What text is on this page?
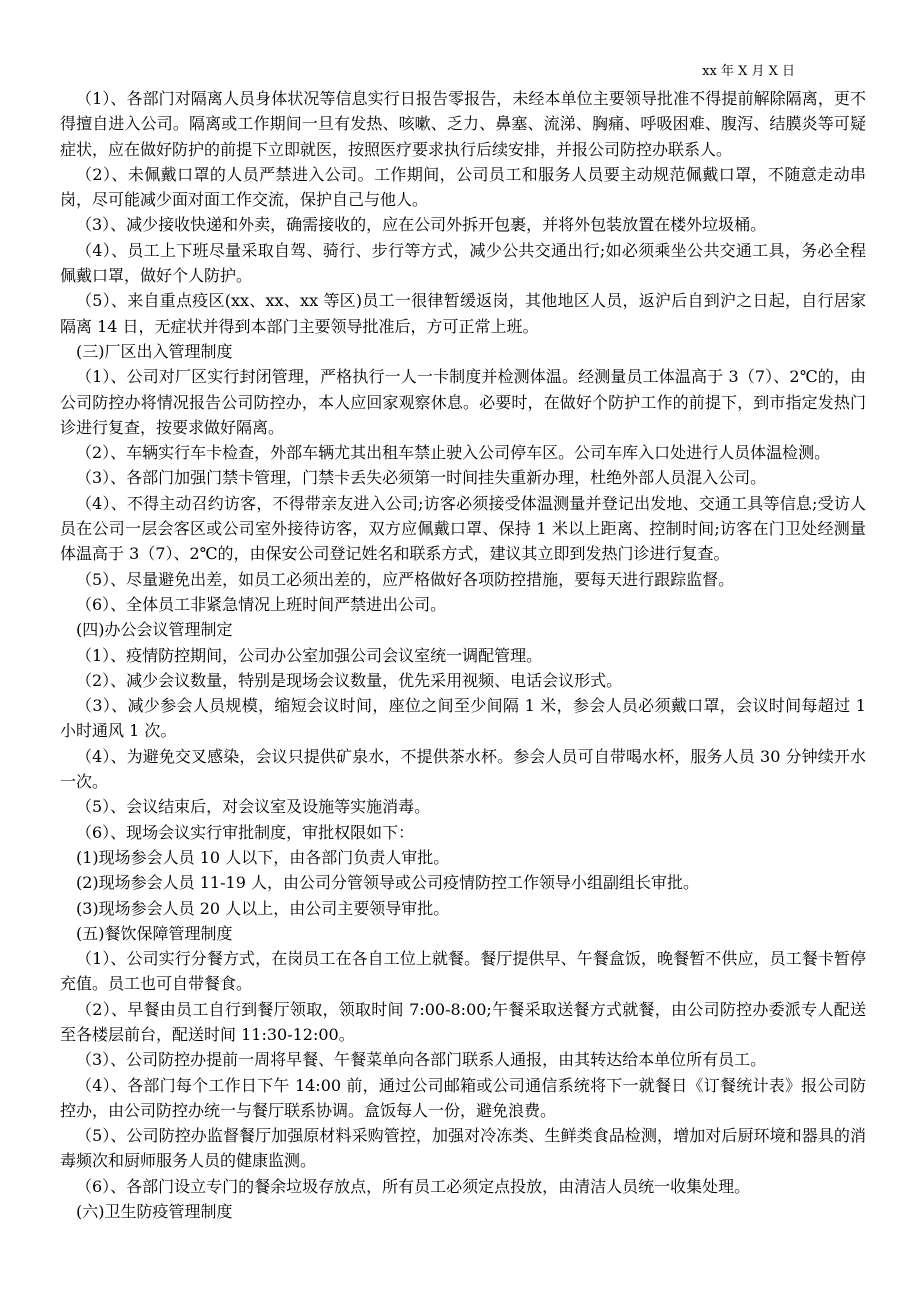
xx 年 X 月 X 日

（1）、各部门对隔离人员身体状况等信息实行日报告零报告，未经本单位主要领导批准不得提前解除隔离，更不得擅自进入公司。隔离或工作期间一旦有发热、咳嗽、乏力、鼻塞、流涕、胸痛、呼吸困难、腹泻、结膜炎等可疑症状，应在做好防护的前提下立即就医，按照医疗要求执行后续安排，并报公司防控办联系人。

（2）、未佩戴口罩的人员严禁进入公司。工作期间，公司员工和服务人员要主动规范佩戴口罩，不随意走动串岗，尽可能减少面对面工作交流，保护自己与他人。

（3）、减少接收快递和外卖，确需接收的，应在公司外拆开包裹，并将外包装放置在楼外垃圾桶。

（4）、员工上下班尽量采取自驾、骑行、步行等方式，减少公共交通出行;如必须乘坐公共交通工具，务必全程佩戴口罩，做好个人防护。

（5）、来自重点疫区(xx、xx、xx 等区)员工一很律暂缓返岗，其他地区人员，返沪后自到沪之日起，自行居家隔离 14 日，无症状并得到本部门主要领导批准后，方可正常上班。

(三)厂区出入管理制度

（1）、公司对厂区实行封闭管理，严格执行一人一卡制度并检测体温。经测量员工体温高于 3（7）、2℃的，由公司防控办将情况报告公司防控办，本人应回家观察休息。必要时，在做好个防护工作的前提下，到市指定发热门诊进行复查，按要求做好隔离。

（2）、车辆实行车卡检查，外部车辆尤其出租车禁止驶入公司停车区。公司车库入口处进行人员体温检测。

（3）、各部门加强门禁卡管理，门禁卡丢失必须第一时间挂失重新办理，杜绝外部人员混入公司。

（4）、不得主动召约访客，不得带亲友进入公司;访客必须接受体温测量并登记出发地、交通工具等信息;受访人员在公司一层会客区或公司室外接待访客，双方应佩戴口罩、保持 1 米以上距离、控制时间;访客在门卫处经测量体温高于 3（7）、2℃的，由保安公司登记姓名和联系方式，建议其立即到发热门诊进行复查。

（5）、尽量避免出差，如员工必须出差的，应严格做好各项防控措施，要每天进行跟踪监督。

（6）、全体员工非紧急情况上班时间严禁进出公司。

(四)办公会议管理制定

（1）、疫情防控期间，公司办公室加强公司会议室统一调配管理。

（2）、减少会议数量，特别是现场会议数量，优先采用视频、电话会议形式。

（3）、减少参会人员规模，缩短会议时间，座位之间至少间隔 1 米，参会人员必须戴口罩，会议时间每超过 1 小时通风 1 次。

（4）、为避免交叉感染，会议只提供矿泉水，不提供茶水杯。参会人员可自带喝水杯，服务人员 30 分钟续开水一次。

（5）、会议结束后，对会议室及设施等实施消毒。

（6）、现场会议实行审批制度，审批权限如下：

(1)现场参会人员 10 人以下，由各部门负责人审批。

(2)现场参会人员 11-19 人，由公司分管领导或公司疫情防控工作领导小组副组长审批。

(3)现场参会人员 20 人以上，由公司主要领导审批。

(五)餐饮保障管理制度

（1）、公司实行分餐方式，在岗员工在各自工位上就餐。餐厅提供早、午餐盒饭，晚餐暂不供应，员工餐卡暂停充值。员工也可自带餐食。

（2）、早餐由员工自行到餐厅领取，领取时间 7:00-8:00;午餐采取送餐方式就餐，由公司防控办委派专人配送至各楼层前台，配送时间 11:30-12:00。

（3）、公司防控办提前一周将早餐、午餐菜单向各部门联系人通报，由其转达给本单位所有员工。

（4）、各部门每个工作日下午 14:00 前，通过公司邮箱或公司通信系统将下一就餐日《订餐统计表》报公司防控办，由公司防控办统一与餐厅联系协调。盒饭每人一份，避免浪费。

（5）、公司防控办监督餐厅加强原材料采购管控，加强对冷冻类、生鲜类食品检测，增加对后厨环境和器具的消毒频次和厨师服务人员的健康监测。

（6）、各部门设立专门的餐余垃圾存放点，所有员工必须定点投放，由清洁人员统一收集处理。

(六)卫生防疫管理制度
